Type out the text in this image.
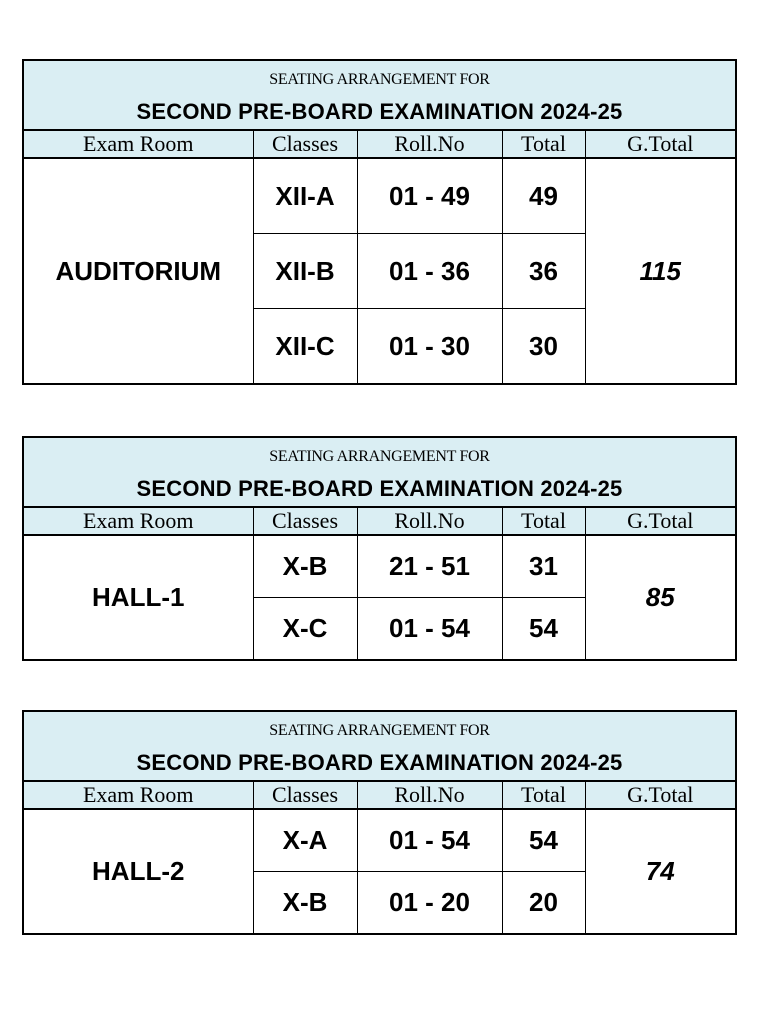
SEATING ARRANGEMENT FOR
SECOND PRE-BOARD EXAMINATION 2024-25				

Exam Room	Classes	Roll.No	Total	G.Total
AUDITORIUM	XII-A	01 - 49	49	115
	XII-B	01 - 36	36	
	XII-C	01 - 30	30	
SEATING ARRANGEMENT FOR
SECOND PRE-BOARD EXAMINATION 2024-25				

Exam Room	Classes	Roll.No	Total	G.Total
HALL-1	X-B	21 - 51	31	85
	X-C	01 - 54	54	
SEATING ARRANGEMENT FOR
SECOND PRE-BOARD EXAMINATION 2024-25				

Exam Room	Classes	Roll.No	Total	G.Total
HALL-2	X-A	01 - 54	54	74
	X-B	01 - 20	20	
